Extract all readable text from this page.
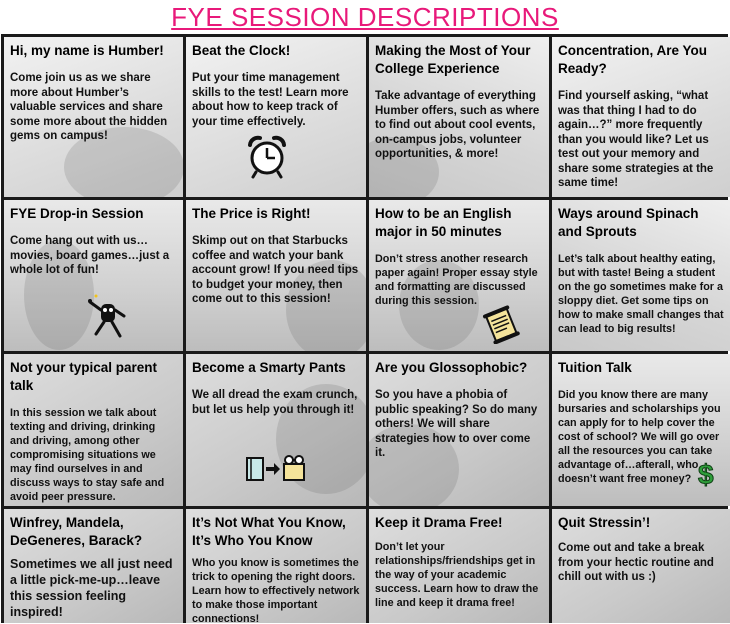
FYE SESSION DESCRIPTIONS
Hi, my name is Humber!
Come join us as we share more about Humber’s valuable services and share some more about the hidden gems on campus!
Beat the Clock!
Put your time management skills to the test! Learn more about how to keep track of your time effectively.
Making the Most of Your College Experience
Take advantage of everything Humber offers, such as where to find out about cool events, on-campus jobs, volunteer opportunities, & more!
Concentration, Are You Ready?
Find yourself asking, “what was that thing I had to do again…?” more frequently than you would like? Let us test out your memory and share some strategies at the same time!
FYE Drop-in Session
Come hang out with us…movies, board games…just a whole lot of fun!
The Price is Right!
Skimp out on that Starbucks coffee and watch your bank account grow! If you need tips to budget your money, then come out to this session!
How to be an English major in 50 minutes
Don’t stress another research paper again! Proper essay style and formatting are discussed during this session.
Ways around Spinach and Sprouts
Let’s talk about healthy eating, but with taste! Being a student on the go sometimes make for a sloppy diet. Get some tips on how to make small changes that can lead to big results!
Not your typical parent talk
In this session we talk about texting and driving, drinking and driving, among other compromising situations we may find ourselves in and discuss ways to stay safe and avoid peer pressure.
Become a Smarty Pants
We all dread the exam crunch, but let us help you through it!
Are you Glossophobic?
So you have a phobia of public speaking? So do many others! We will share strategies how to over come it.
Tuition Talk
Did you know there are many bursaries and scholarships you can apply for to help cover the cost of school? We will go over all the resources you can take advantage of…afterall, who doesn’t want free money? $
Winfrey, Mandela, DeGeneres, Barack?
Sometimes we all just need a little pick-me-up…leave this session feeling inspired!
It’s Not What You Know, It’s Who You Know
Who you know is sometimes the trick to opening the right doors. Learn how to effectively network to make those important connections!
Keep it Drama Free!
Don’t let your relationships/friendships get in the way of your academic success. Learn how to draw the line and keep it drama free!
Quit Stressin’!
Come out and take a break from your hectic routine and chill out with us :)
